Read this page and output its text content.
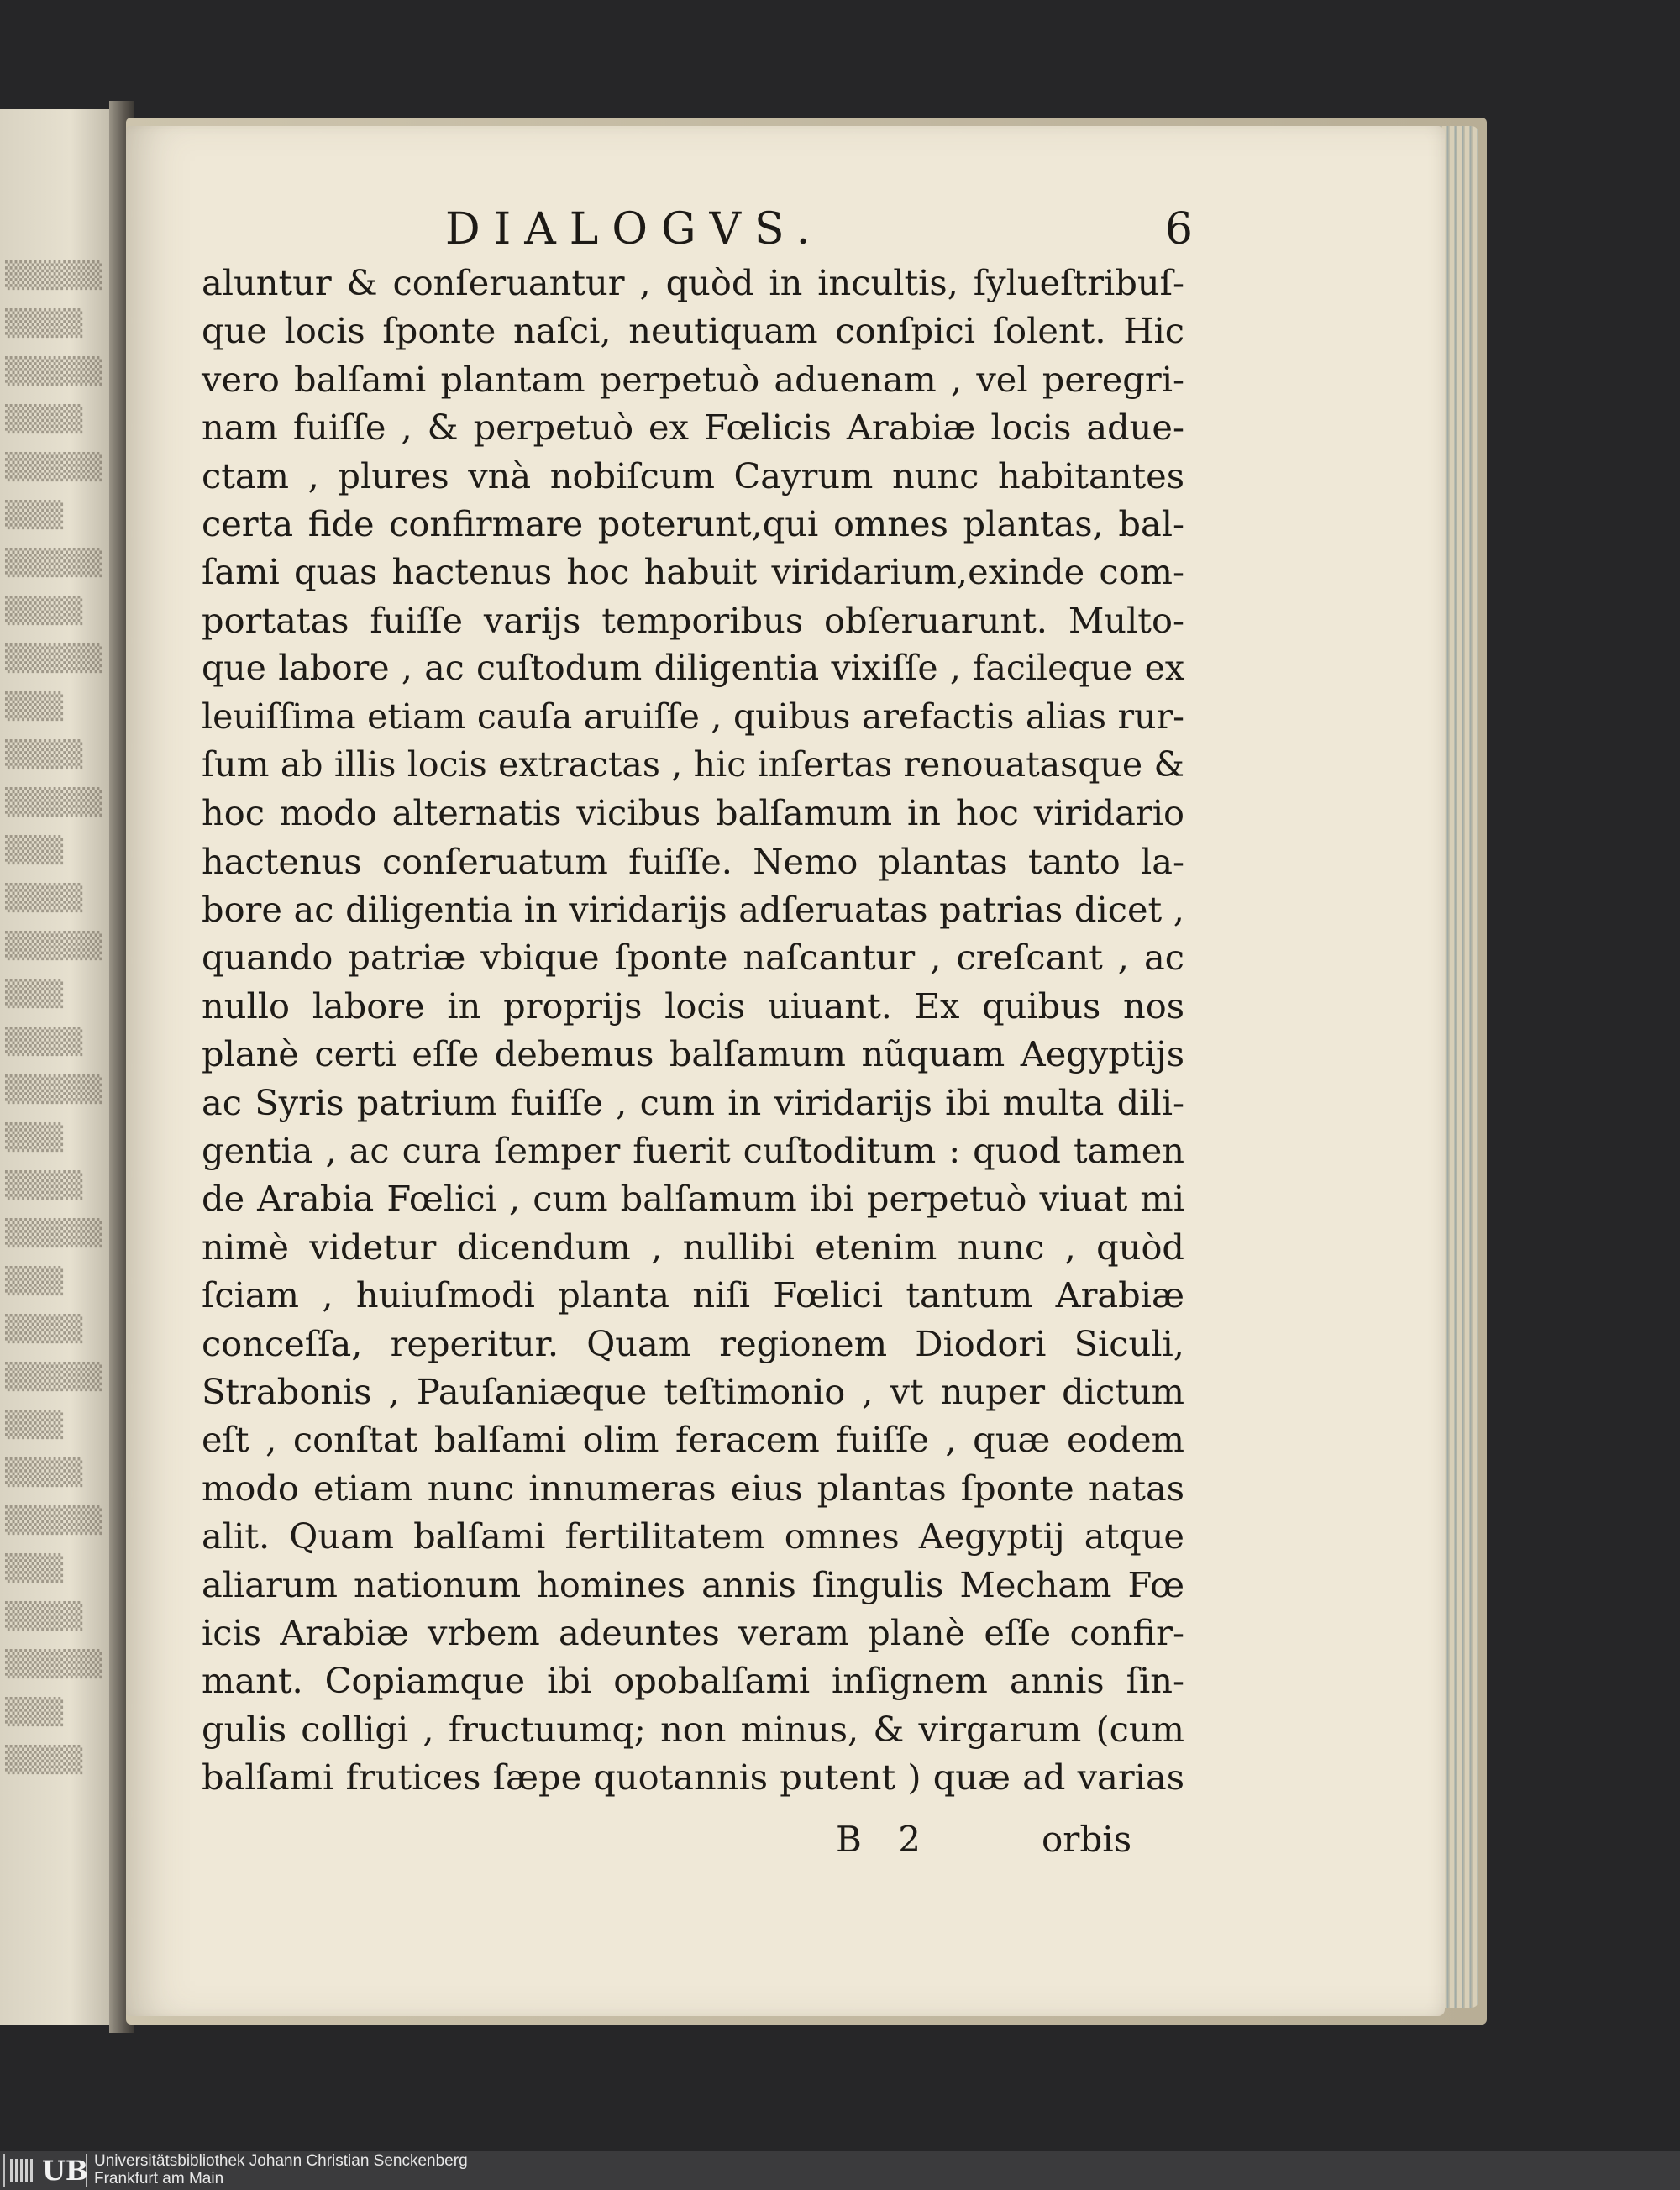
▒▒▒▒▒
▒▒▒▒
▒▒▒▒▒
▒▒▒▒
▒▒▒▒▒
▒▒▒
▒▒▒▒▒
▒▒▒▒
▒▒▒▒▒
▒▒▒
▒▒▒▒
▒▒▒▒▒
▒▒▒
▒▒▒▒
▒▒▒▒▒
▒▒▒
▒▒▒▒
▒▒▒▒▒
▒▒▒
▒▒▒▒
▒▒▒▒▒
▒▒▒
▒▒▒▒
▒▒▒▒▒
▒▒▒
▒▒▒▒
▒▒▒▒▒
▒▒▒
▒▒▒▒
▒▒▒▒▒
▒▒▒
▒▒▒▒
DIALOGVS.	6
aluntur & conſeruantur , quòd in incultis, ſylueſtribuſ-
que locis ſponte naſci, neutiquam conſpici ſolent. Hic
vero balſami plantam perpetuò aduenam , vel peregri-
nam fuiſſe , & perpetuò ex Fœlicis Arabiæ locis adue-
ctam , plures vnà nobiſcum Cayrum nunc habitantes
certa fide confirmare poterunt,qui omnes plantas, bal-
ſami quas hactenus hoc habuit viridarium,exinde com-
portatas fuiſſe varijs temporibus obſeruarunt. Multo-
que labore , ac cuſtodum diligentia vixiſſe , facileque ex
leuiſſima etiam cauſa aruiſſe , quibus arefactis alias rur-
ſum ab illis locis extractas , hic inſertas renouatasque &
hoc modo alternatis vicibus balſamum in hoc viridario
hactenus conſeruatum fuiſſe. Nemo plantas tanto la-
bore ac diligentia in viridarijs adſeruatas patrias dicet ,
quando patriæ vbique ſponte naſcantur , creſcant , ac
nullo labore in proprijs locis uiuant. Ex quibus nos
planè certi eſſe debemus balſamum nũquam Aegyptijs
ac Syris patrium fuiſſe , cum in viridarijs ibi multa dili-
gentia , ac cura ſemper fuerit cuſtoditum : quod tamen
de Arabia Fœlici , cum balſamum ibi perpetuò viuat mi
nimè videtur dicendum , nullibi etenim nunc , quòd
ſciam , huiuſmodi planta niſi Fœlici tantum Arabiæ
conceſſa, reperitur. Quam regionem Diodori Siculi,
Strabonis , Pauſaniæque teſtimonio , vt nuper dictum
eſt , conſtat balſami olim feracem fuiſſe , quæ eodem
modo etiam nunc innumeras eius plantas ſponte natas
alit. Quam balſami fertilitatem omnes Aegyptij atque
aliarum nationum homines annis ſingulis Mecham Fœ
icis Arabiæ vrbem adeuntes veram planè eſſe confir-
mant. Copiamque ibi opobalſami inſignem annis ſin-
gulis colligi , fructuumq; non minus, & virgarum (cum
balſami frutices ſæpe quotannis putent ) quæ ad varias
B 2	orbis
UB Universitätsbibliothek Johann Christian Senckenberg
Frankfurt am Main
